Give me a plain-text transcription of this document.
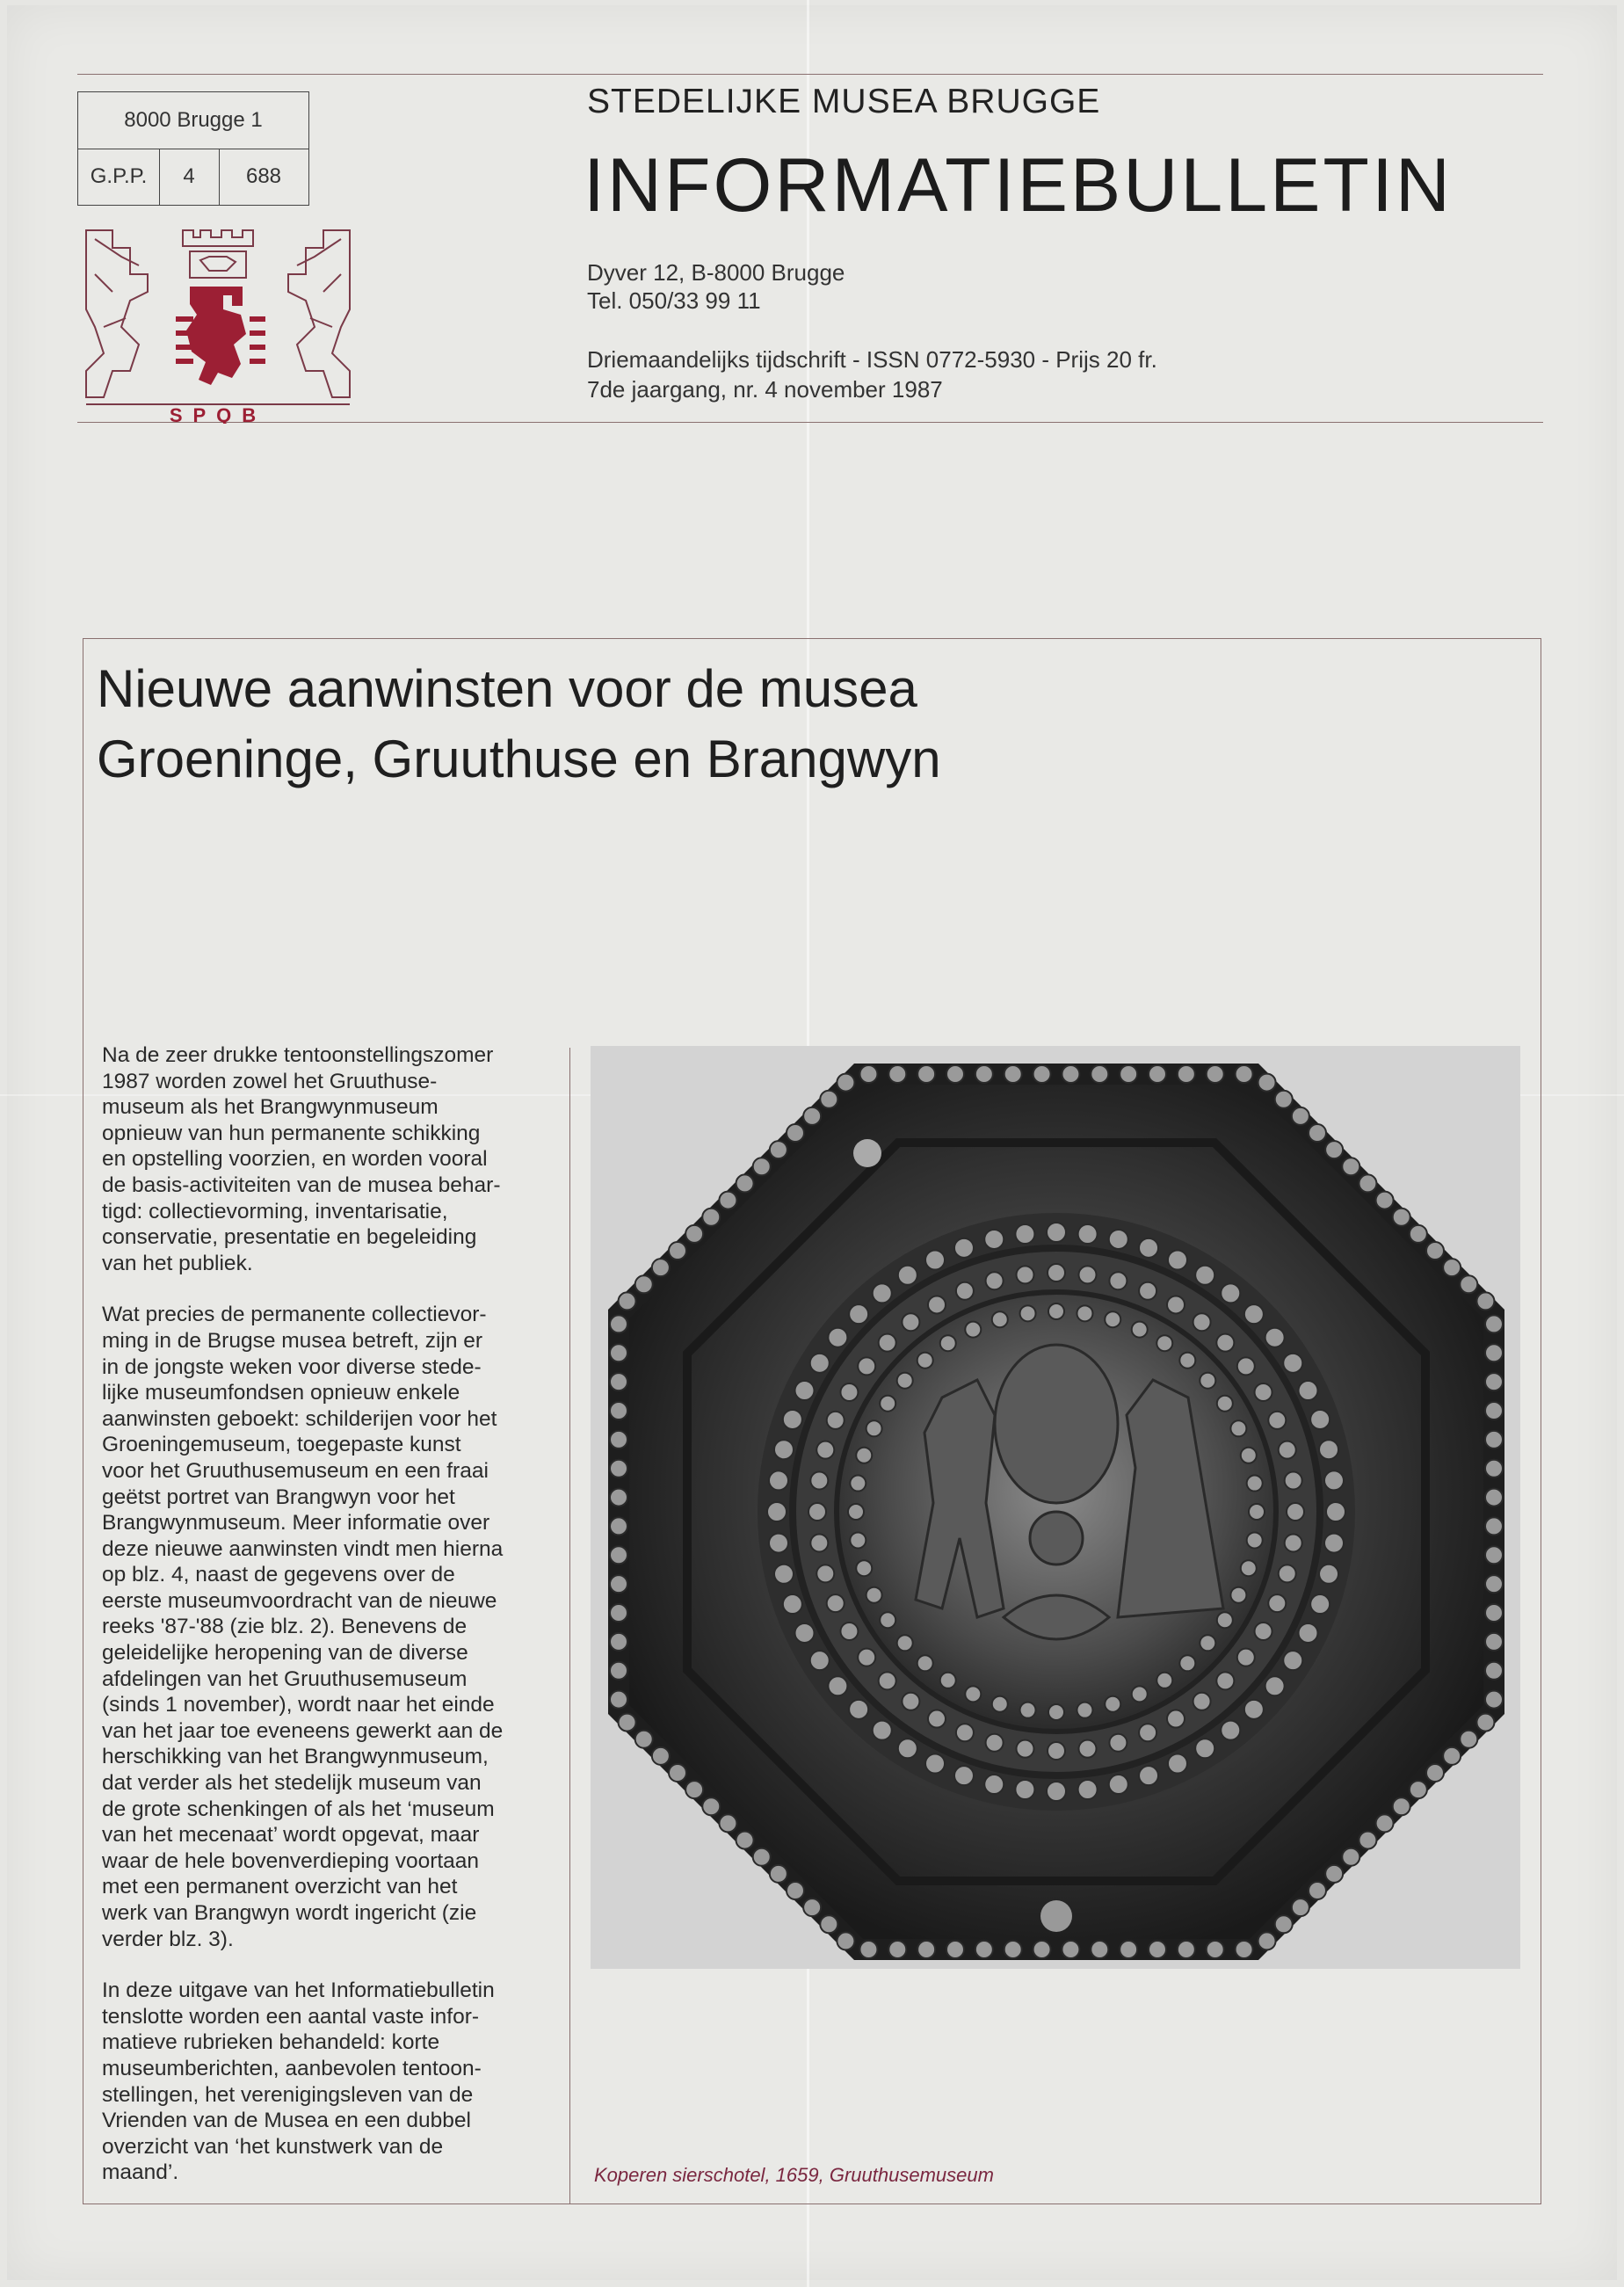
8000 Brugge 1
G.P.P.	4	688
SPQB
STEDELIJKE MUSEA BRUGGE
INFORMATIEBULLETIN
Dyver 12, B-8000 Brugge
Tel. 050/33 99 11
Driemaandelijks tijdschrift - ISSN 0772-5930 - Prijs 20 fr.
7de jaargang, nr. 4 november 1987
Nieuwe aanwinsten voor de musea
Groeninge, Gruuthuse en Brangwyn

Na de zeer drukke tentoonstellingszomer
1987 worden zowel het Gruuthuse-
museum als het Brangwynmuseum
opnieuw van hun permanente schikking
en opstelling voorzien, en worden vooral
de basis-activiteiten van de musea behar-
tigd: collectievorming, inventarisatie,
conservatie, presentatie en begeleiding
van het publiek.

Wat precies de permanente collectievor-
ming in de Brugse musea betreft, zijn er
in de jongste weken voor diverse stede-
lijke museumfondsen opnieuw enkele
aanwinsten geboekt: schilderijen voor het
Groeningemuseum, toegepaste kunst
voor het Gruuthusemuseum en een fraai
geëtst portret van Brangwyn voor het
Brangwynmuseum. Meer informatie over
deze nieuwe aanwinsten vindt men hierna
op blz. 4, naast de gegevens over de
eerste museumvoordracht van de nieuwe
reeks '87-'88 (zie blz. 2). Benevens de
geleidelijke heropening van de diverse
afdelingen van het Gruuthusemuseum
(sinds 1 november), wordt naar het einde
van het jaar toe eveneens gewerkt aan de
herschikking van het Brangwynmuseum,
dat verder als het stedelijk museum van
de grote schenkingen of als het ‘museum
van het mecenaat’ wordt opgevat, maar
waar de hele bovenverdieping voortaan
met een permanent overzicht van het
werk van Brangwyn wordt ingericht (zie
verder blz. 3).

In deze uitgave van het Informatiebulletin
tenslotte worden een aantal vaste infor-
matieve rubrieken behandeld: korte
museumberichten, aanbevolen tentoon-
stellingen, het verenigingsleven van de
Vrienden van de Musea en een dubbel
overzicht van ‘het kunstwerk van de
maand’.	Koperen sierschotel, 1659, Gruuthusemuseum
